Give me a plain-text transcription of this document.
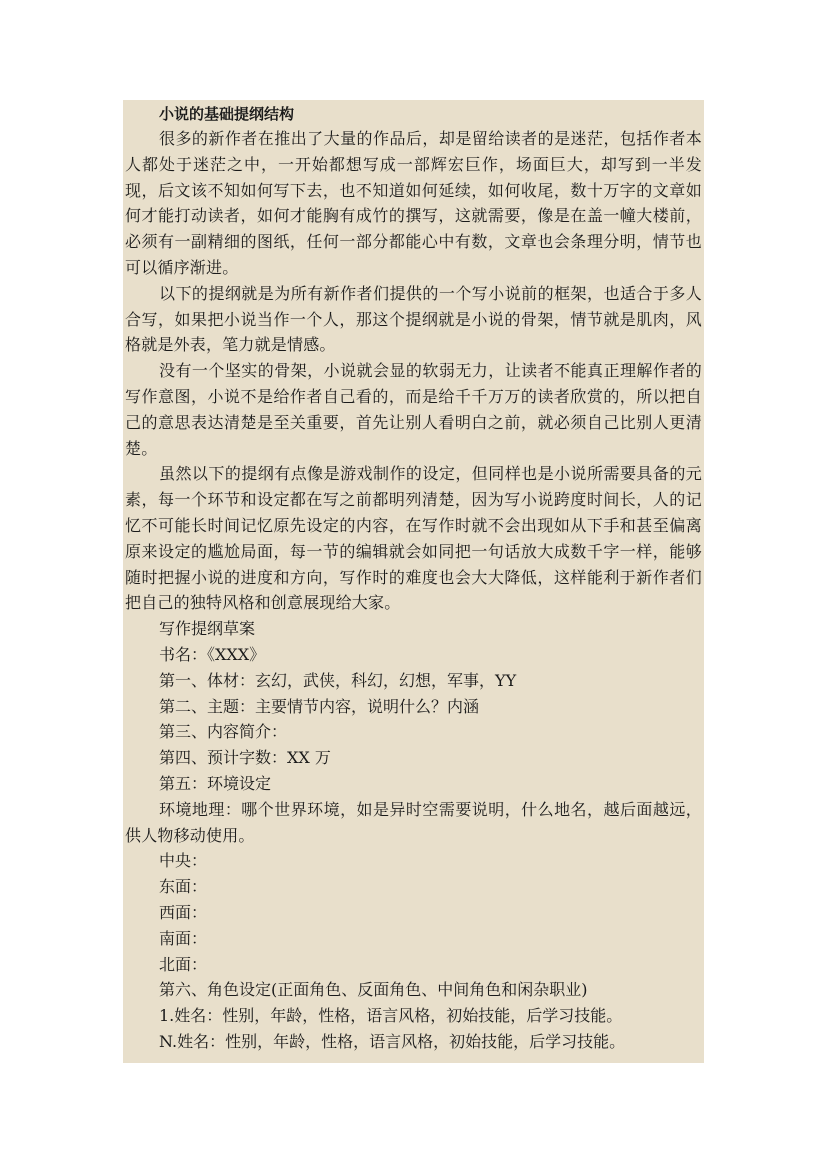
小说的基础提纲结构

很多的新作者在推出了大量的作品后，却是留给读者的是迷茫，包括作者本人都处于迷茫之中，一开始都想写成一部辉宏巨作，场面巨大，却写到一半发现，后文该不知如何写下去，也不知道如何延续，如何收尾，数十万字的文章如何才能打动读者，如何才能胸有成竹的撰写，这就需要，像是在盖一幢大楼前，必须有一副精细的图纸，任何一部分都能心中有数，文章也会条理分明，情节也可以循序渐进。

以下的提纲就是为所有新作者们提供的一个写小说前的框架，也适合于多人合写，如果把小说当作一个人，那这个提纲就是小说的骨架，情节就是肌肉，风格就是外表，笔力就是情感。

没有一个坚实的骨架，小说就会显的软弱无力，让读者不能真正理解作者的写作意图，小说不是给作者自己看的，而是给千千万万的读者欣赏的，所以把自己的意思表达清楚是至关重要，首先让别人看明白之前，就必须自己比别人更清楚。

虽然以下的提纲有点像是游戏制作的设定，但同样也是小说所需要具备的元素，每一个环节和设定都在写之前都明列清楚，因为写小说跨度时间长，人的记忆不可能长时间记忆原先设定的内容，在写作时就不会出现如从下手和甚至偏离原来设定的尴尬局面，每一节的编辑就会如同把一句话放大成数千字一样，能够随时把握小说的进度和方向，写作时的难度也会大大降低，这样能利于新作者们把自己的独特风格和创意展现给大家。

写作提纲草案

书名：《XXX》

第一、体材：玄幻，武侠，科幻，幻想，军事，YY

第二、主题：主要情节内容，说明什么？内涵

第三、内容简介：

第四、预计字数：XX 万

第五：环境设定

环境地理：哪个世界环境，如是异时空需要说明，什么地名，越后面越远，供人物移动使用。

中央：

东面：

西面：

南面：

北面：

第六、角色设定(正面角色、反面角色、中间角色和闲杂职业)

1.姓名：性别，年龄，性格，语言风格，初始技能，后学习技能。

N.姓名：性别，年龄，性格，语言风格，初始技能，后学习技能。
